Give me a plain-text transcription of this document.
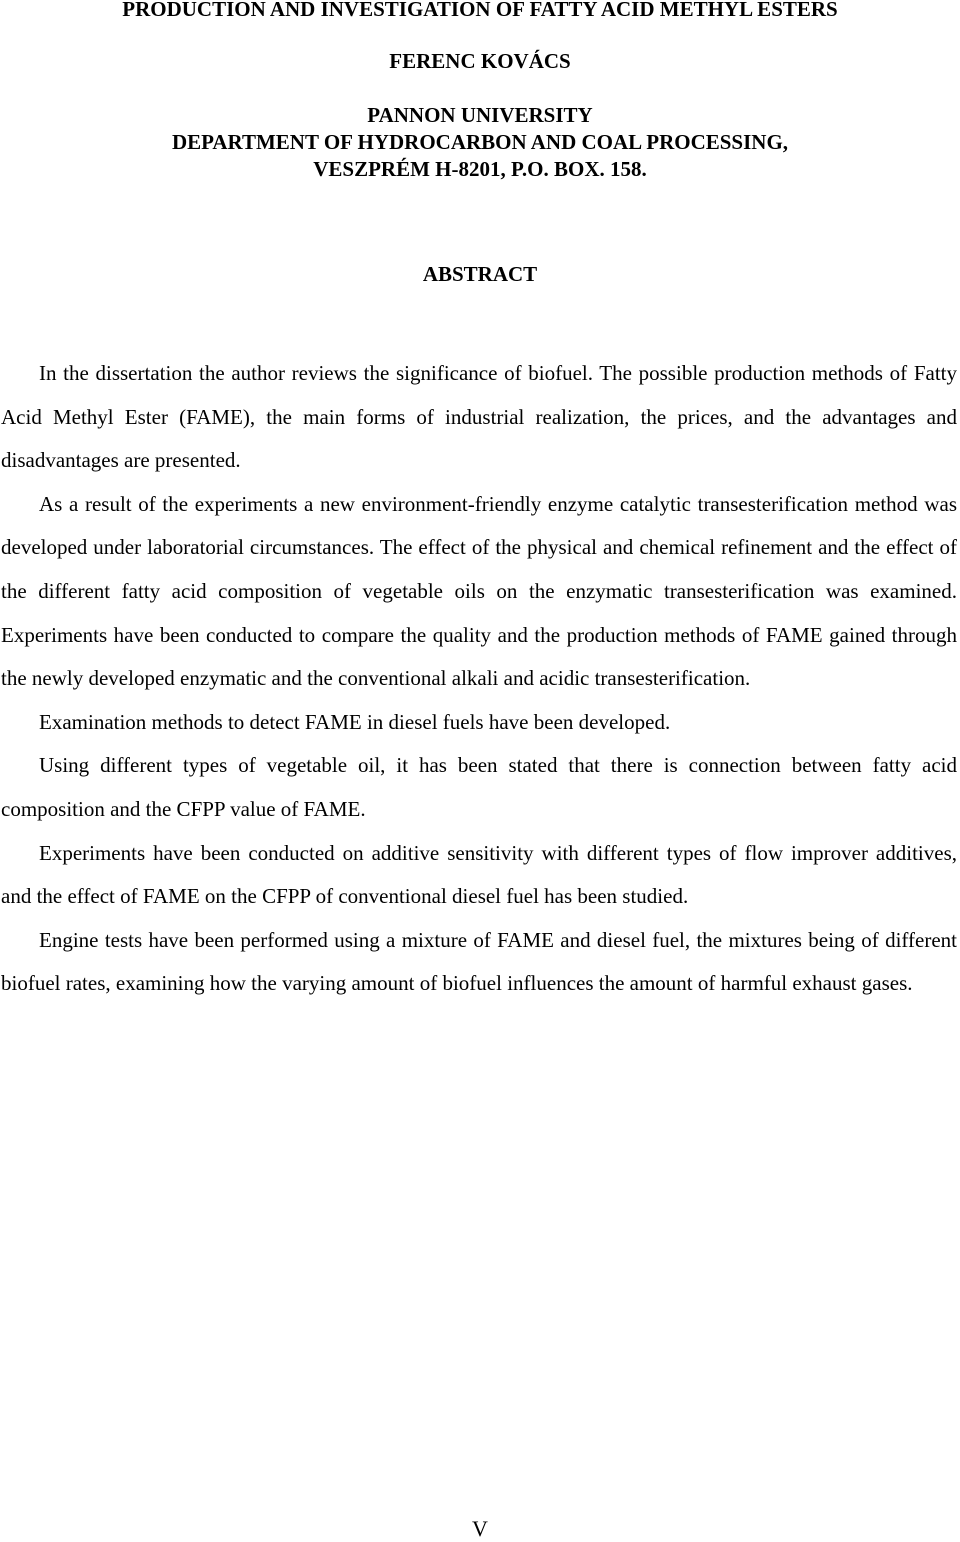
PRODUCTION AND INVESTIGATION OF FATTY ACID METHYL ESTERS
FERENC KOVÁCS
PANNON UNIVERSITY
DEPARTMENT OF HYDROCARBON AND COAL PROCESSING,
VESZPRÉM H-8201, P.O. BOX. 158.
ABSTRACT

In the dissertation the author reviews the significance of biofuel. The possible production methods of Fatty Acid Methyl Ester (FAME), the main forms of industrial realization, the prices, and the advantages and disadvantages are presented.

As a result of the experiments a new environment-friendly enzyme catalytic transesterification method was developed under laboratorial circumstances. The effect of the physical and chemical refinement and the effect of the different fatty acid composition of vegetable oils on the enzymatic transesterification was examined. Experiments have been conducted to compare the quality and the production methods of FAME gained through the newly developed enzymatic and the conventional alkali and acidic transesterification.

Examination methods to detect FAME in diesel fuels have been developed.

Using different types of vegetable oil, it has been stated that there is connection between fatty acid composition and the CFPP value of FAME.

Experiments have been conducted on additive sensitivity with different types of flow improver additives, and the effect of FAME on the CFPP of conventional diesel fuel has been studied.

Engine tests have been performed using a mixture of FAME and diesel fuel, the mixtures being of different biofuel rates, examining how the varying amount of biofuel influences the amount of harmful exhaust gases.

V
